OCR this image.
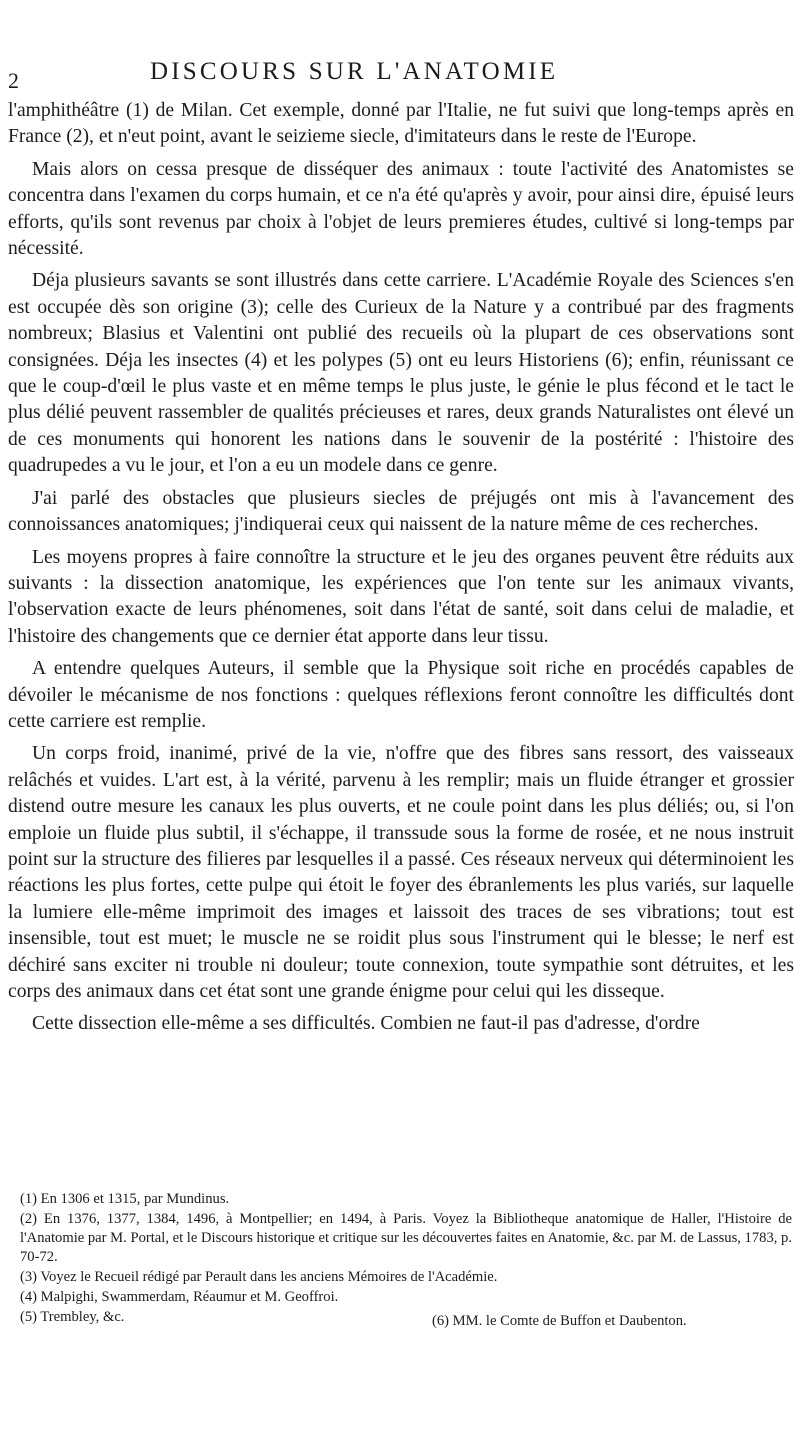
2	DISCOURS SUR L'ANATOMIE

l'amphithéâtre (1) de Milan. Cet exemple, donné par l'Italie, ne fut suivi que long-temps après en France (2), et n'eut point, avant le seizieme siecle, d'imitateurs dans le reste de l'Europe.

Mais alors on cessa presque de disséquer des animaux : toute l'activité des Anatomistes se concentra dans l'examen du corps humain, et ce n'a été qu'après y avoir, pour ainsi dire, épuisé leurs efforts, qu'ils sont revenus par choix à l'objet de leurs premieres études, cultivé si long-temps par nécessité.

Déja plusieurs savants se sont illustrés dans cette carriere. L'Académie Royale des Sciences s'en est occupée dès son origine (3); celle des Curieux de la Nature y a contribué par des fragments nombreux; Blasius et Valentini ont publié des recueils où la plupart de ces observations sont consignées. Déja les insectes (4) et les polypes (5) ont eu leurs Historiens (6); enfin, réunissant ce que le coup-d'œil le plus vaste et en même temps le plus juste, le génie le plus fécond et le tact le plus délié peuvent rassembler de qualités précieuses et rares, deux grands Naturalistes ont élevé un de ces monuments qui honorent les nations dans le souvenir de la postérité : l'histoire des quadrupedes a vu le jour, et l'on a eu un modele dans ce genre.

J'ai parlé des obstacles que plusieurs siecles de préjugés ont mis à l'avancement des connoissances anatomiques; j'indiquerai ceux qui naissent de la nature même de ces recherches.

Les moyens propres à faire connoître la structure et le jeu des organes peuvent être réduits aux suivants : la dissection anatomique, les expériences que l'on tente sur les animaux vivants, l'observation exacte de leurs phénomenes, soit dans l'état de santé, soit dans celui de maladie, et l'histoire des changements que ce dernier état apporte dans leur tissu.

A entendre quelques Auteurs, il semble que la Physique soit riche en procédés capables de dévoiler le mécanisme de nos fonctions : quelques réflexions feront connoître les difficultés dont cette carriere est remplie.

Un corps froid, inanimé, privé de la vie, n'offre que des fibres sans ressort, des vaisseaux relâchés et vuides. L'art est, à la vérité, parvenu à les remplir; mais un fluide étranger et grossier distend outre mesure les canaux les plus ouverts, et ne coule point dans les plus déliés; ou, si l'on emploie un fluide plus subtil, il s'échappe, il transsude sous la forme de rosée, et ne nous instruit point sur la structure des filieres par lesquelles il a passé. Ces réseaux nerveux qui déterminoient les réactions les plus fortes, cette pulpe qui étoit le foyer des ébranlements les plus variés, sur laquelle la lumiere elle-même imprimoit des images et laissoit des traces de ses vibrations; tout est insensible, tout est muet; le muscle ne se roidit plus sous l'instrument qui le blesse; le nerf est déchiré sans exciter ni trouble ni douleur; toute connexion, toute sympathie sont détruites, et les corps des animaux dans cet état sont une grande énigme pour celui qui les disseque.

Cette dissection elle-même a ses difficultés. Combien ne faut-il pas d'adresse, d'ordre

(1) En 1306 et 1315, par Mundinus.
(2) En 1376, 1377, 1384, 1496, à Montpellier; en 1494, à Paris. Voyez la Bibliotheque anatomique de Haller, l'Histoire de l'Anatomie par M. Portal, et le Discours historique et critique sur les découvertes faites en Anatomie, &c. par M. de Lassus, 1783, p. 70-72.
(3) Voyez le Recueil rédigé par Perault dans les anciens Mémoires de l'Académie.
(4) Malpighi, Swammerdam, Réaumur et M. Geoffroi.
(5) Trembley, &c.	(6) MM. le Comte de Buffon et Daubenton.
